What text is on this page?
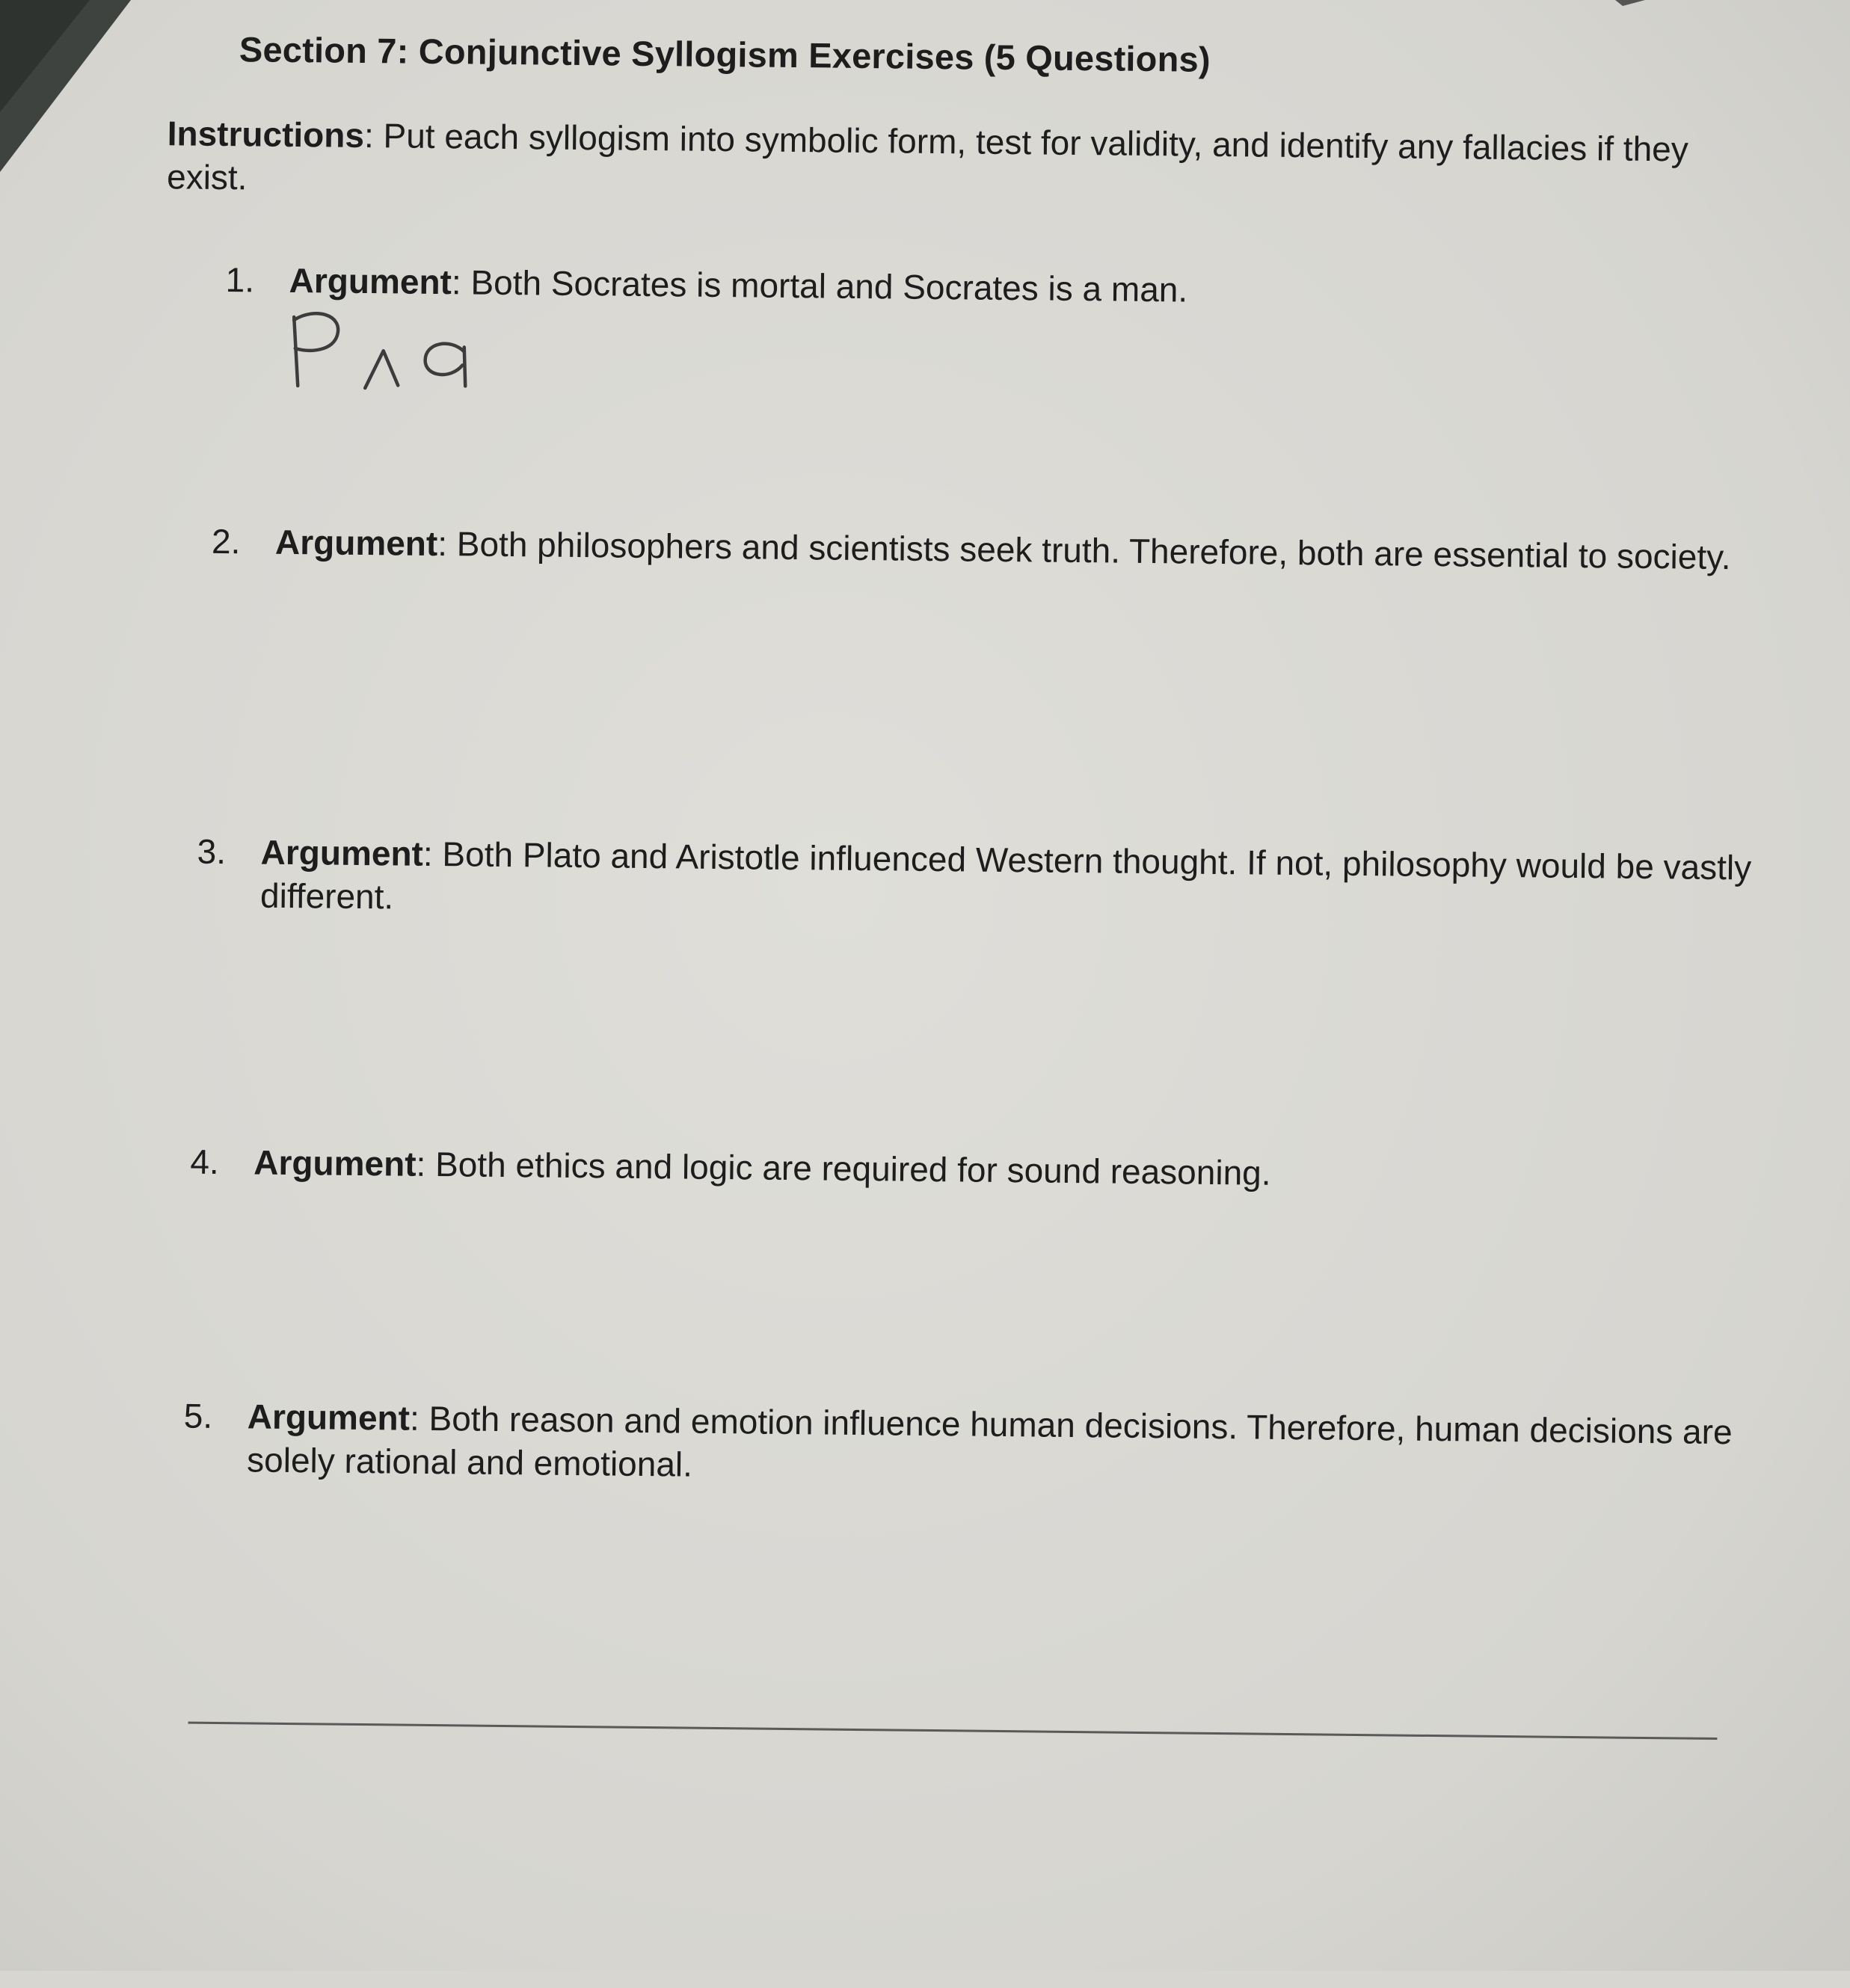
Section 7: Conjunctive Syllogism Exercises (5 Questions)
Instructions: Put each syllogism into symbolic form, test for validity, and identify any fallacies if they exist.
1.	Argument: Both Socrates is mortal and Socrates is a man.
P∧a
2.	Argument: Both philosophers and scientists seek truth. Therefore, both are essential to society.
3.	Argument: Both Plato and Aristotle influenced Western thought. If not, philosophy would be vastly different.
4.	Argument: Both ethics and logic are required for sound reasoning.
5.	Argument: Both reason and emotion influence human decisions. Therefore, human decisions are solely rational and emotional.
